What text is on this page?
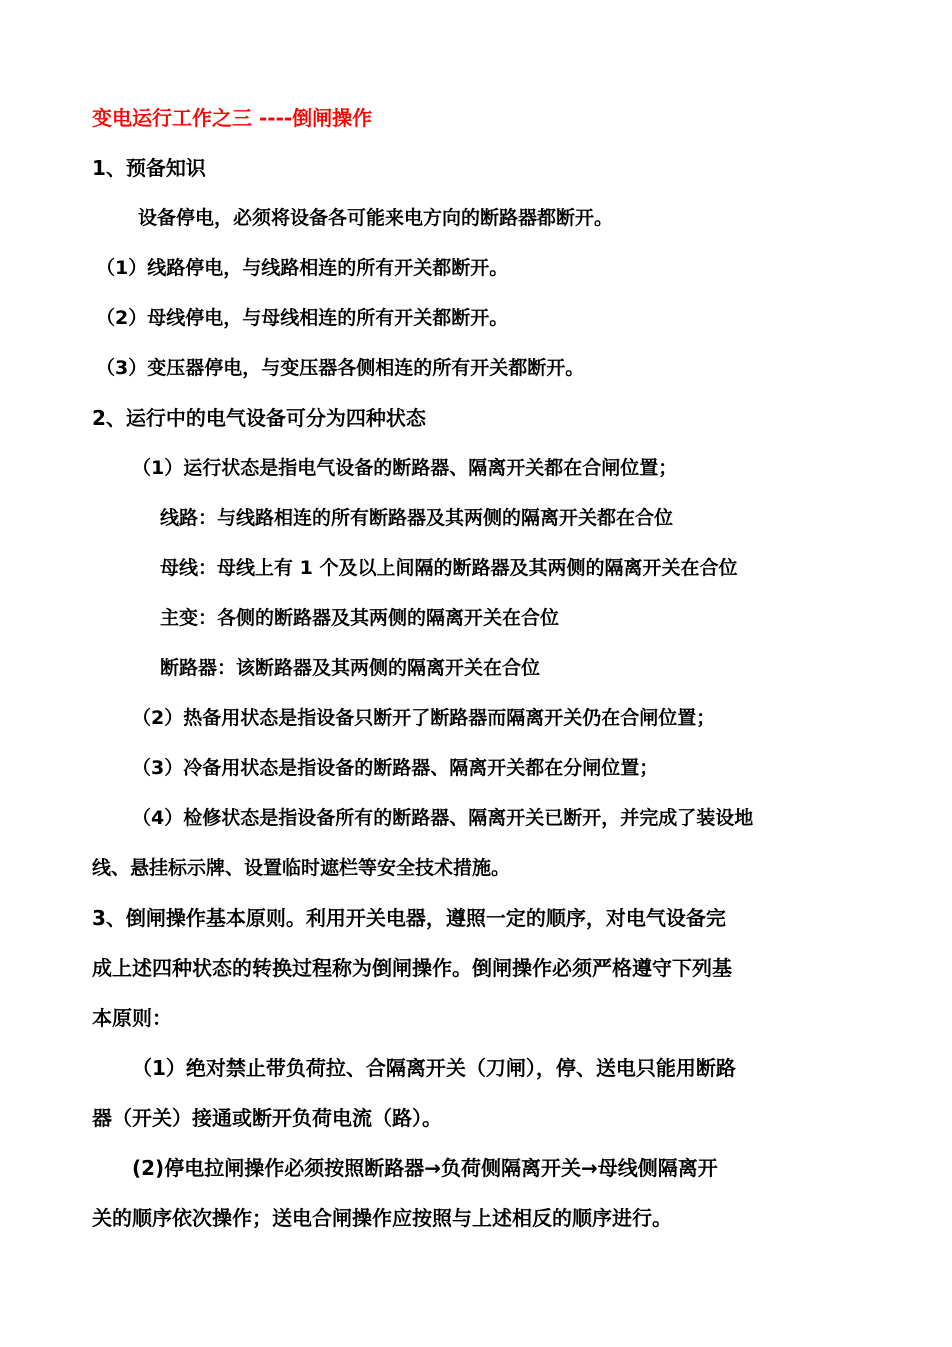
变电运行工作之三 ----倒闸操作
1、预备知识
设备停电，必须将设备各可能来电方向的断路器都断开。
（1）线路停电，与线路相连的所有开关都断开。
（2）母线停电，与母线相连的所有开关都断开。
（3）变压器停电，与变压器各侧相连的所有开关都断开。
2、运行中的电气设备可分为四种状态
（1）运行状态是指电气设备的断路器、隔离开关都在合闸位置；
线路：与线路相连的所有断路器及其两侧的隔离开关都在合位
母线：母线上有 1 个及以上间隔的断路器及其两侧的隔离开关在合位
主变：各侧的断路器及其两侧的隔离开关在合位
断路器：该断路器及其两侧的隔离开关在合位
（2）热备用状态是指设备只断开了断路器而隔离开关仍在合闸位置；
（3）冷备用状态是指设备的断路器、隔离开关都在分闸位置；
（4）检修状态是指设备所有的断路器、隔离开关已断开，并完成了装设地
线、悬挂标示牌、设置临时遮栏等安全技术措施。
3、倒闸操作基本原则。利用开关电器，遵照一定的顺序，对电气设备完
成上述四种状态的转换过程称为倒闸操作。倒闸操作必须严格遵守下列基
本原则：
（1）绝对禁止带负荷拉、合隔离开关（刀闸），停、送电只能用断路
器（开关）接通或断开负荷电流（路）。
(2)停电拉闸操作必须按照断路器→负荷侧隔离开关→母线侧隔离开
关的顺序依次操作；送电合闸操作应按照与上述相反的顺序进行。
